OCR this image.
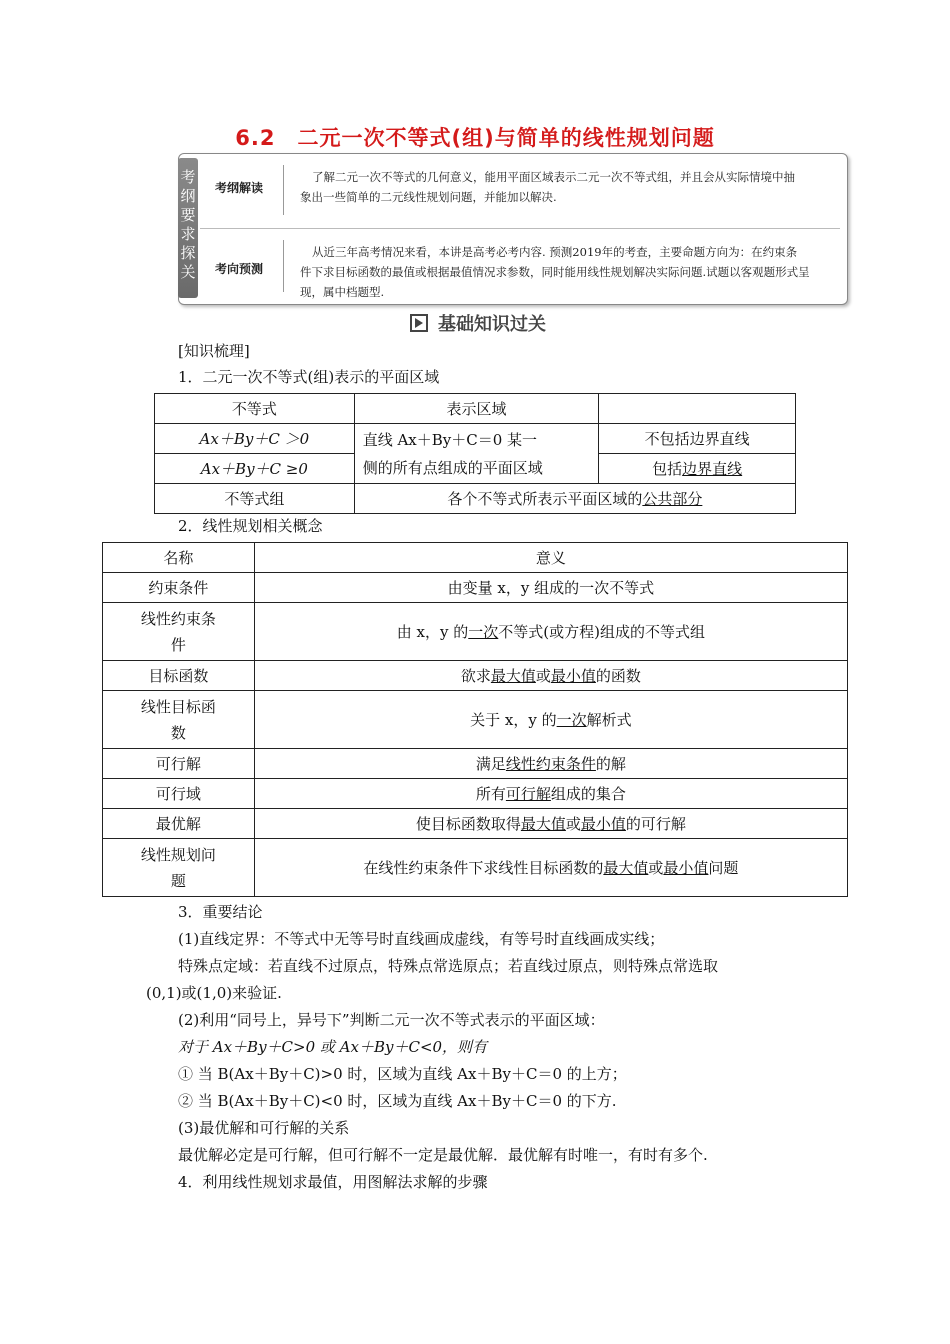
6.2　二元一次不等式(组)与简单的线性规划问题
考
纲
要
求
探
关
考纲解读
了解二元一次不等式的几何意义，能用平面区域表示二元一次不等式组，并且会从实际情境中抽
象出一些简单的二元线性规划问题，并能加以解决.
考向预测
从近三年高考情况来看，本讲是高考必考内容. 预测2019年的考查，主要命题方向为：在约束条
件下求目标函数的最值或根据最值情况求参数，同时能用线性规划解决实际问题.试题以客观题形式呈
现，属中档题型.
基础知识过关
[知识梳理]
1．二元一次不等式(组)表示的平面区域
不等式	表示区域	
Ax＋By＋C ＞0	直线 Ax＋By＋C＝0 某一
侧的所有点组成的平面区域	不包括边界直线
Ax＋By＋C ≥0		包括边界直线
不等式组	各个不等式所表示平面区域的公共部分	
2．线性规划相关概念
名称	意义

约束条件	由变量 x，y 组成的一次不等式

线性约束条
件	由 x，y 的一次不等式(或方程)组成的不等式组

目标函数	欲求最大值或最小值的函数

线性目标函
数	关于 x，y 的一次解析式

可行解	满足线性约束条件的解

可行域	所有可行解组成的集合

最优解	使目标函数取得最大值或最小值的可行解

线性规划问
题	在线性约束条件下求线性目标函数的最大值或最小值问题
3．重要结论
(1)直线定界：不等式中无等号时直线画成虚线，有等号时直线画成实线；
特殊点定域：若直线不过原点，特殊点常选原点；若直线过原点，则特殊点常选取
(0,1)或(1,0)来验证.
(2)利用“同号上，异号下”判断二元一次不等式表示的平面区域：
对于 Ax＋By＋C>0 或 Ax＋By＋C<0，则有
① 当 B(Ax＋By＋C)>0 时，区域为直线 Ax＋By＋C＝0 的上方；
② 当 B(Ax＋By＋C)<0 时，区域为直线 Ax＋By＋C＝0 的下方.
(3)最优解和可行解的关系
最优解必定是可行解，但可行解不一定是最优解．最优解有时唯一，有时有多个.
4．利用线性规划求最值，用图解法求解的步骤
